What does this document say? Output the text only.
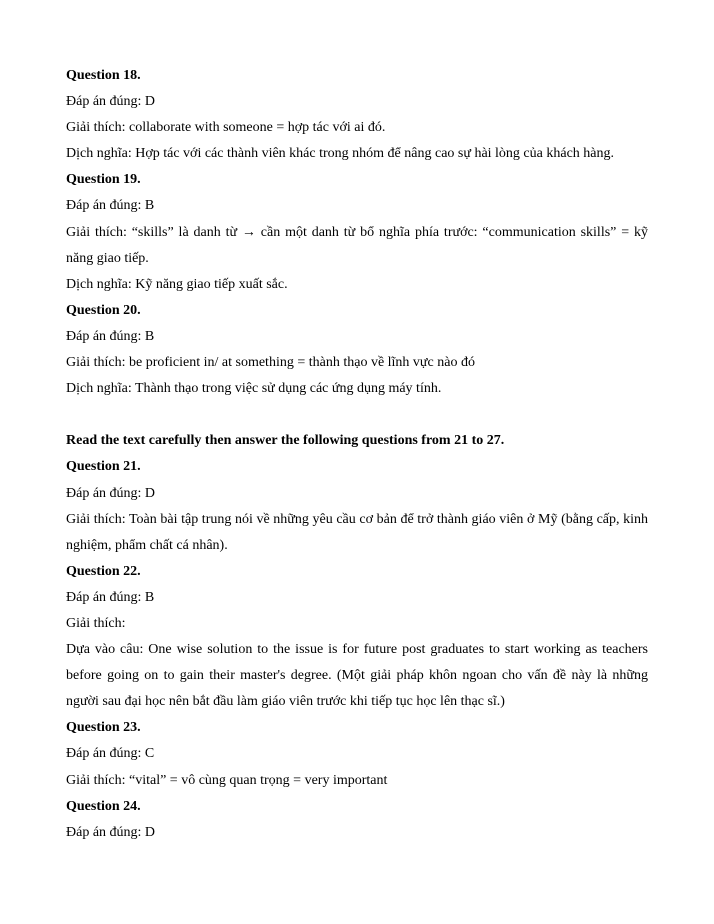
Question 18.
Đáp án đúng: D
Giải thích: collaborate with someone = hợp tác với ai đó.
Dịch nghĩa: Hợp tác với các thành viên khác trong nhóm để nâng cao sự hài lòng của khách hàng.
Question 19.
Đáp án đúng: B
Giải thích: “skills” là danh từ → cần một danh từ bổ nghĩa phía trước: “communication skills” = kỹ năng giao tiếp.
Dịch nghĩa: Kỹ năng giao tiếp xuất sắc.
Question 20.
Đáp án đúng: B
Giải thích: be proficient in/ at something = thành thạo về lĩnh vực nào đó
Dịch nghĩa: Thành thạo trong việc sử dụng các ứng dụng máy tính.
Read the text carefully then answer the following questions from 21 to 27.
Question 21.
Đáp án đúng: D
Giải thích: Toàn bài tập trung nói về những yêu cầu cơ bản để trở thành giáo viên ở Mỹ (bằng cấp, kinh nghiệm, phẩm chất cá nhân).
Question 22.
Đáp án đúng: B
Giải thích:
Dựa vào câu: One wise solution to the issue is for future post graduates to start working as teachers before going on to gain their master's degree. (Một giải pháp khôn ngoan cho vấn đề này là những người sau đại học nên bắt đầu làm giáo viên trước khi tiếp tục học lên thạc sĩ.)
Question 23.
Đáp án đúng: C
Giải thích: “vital” = vô cùng quan trọng = very important
Question 24.
Đáp án đúng: D
